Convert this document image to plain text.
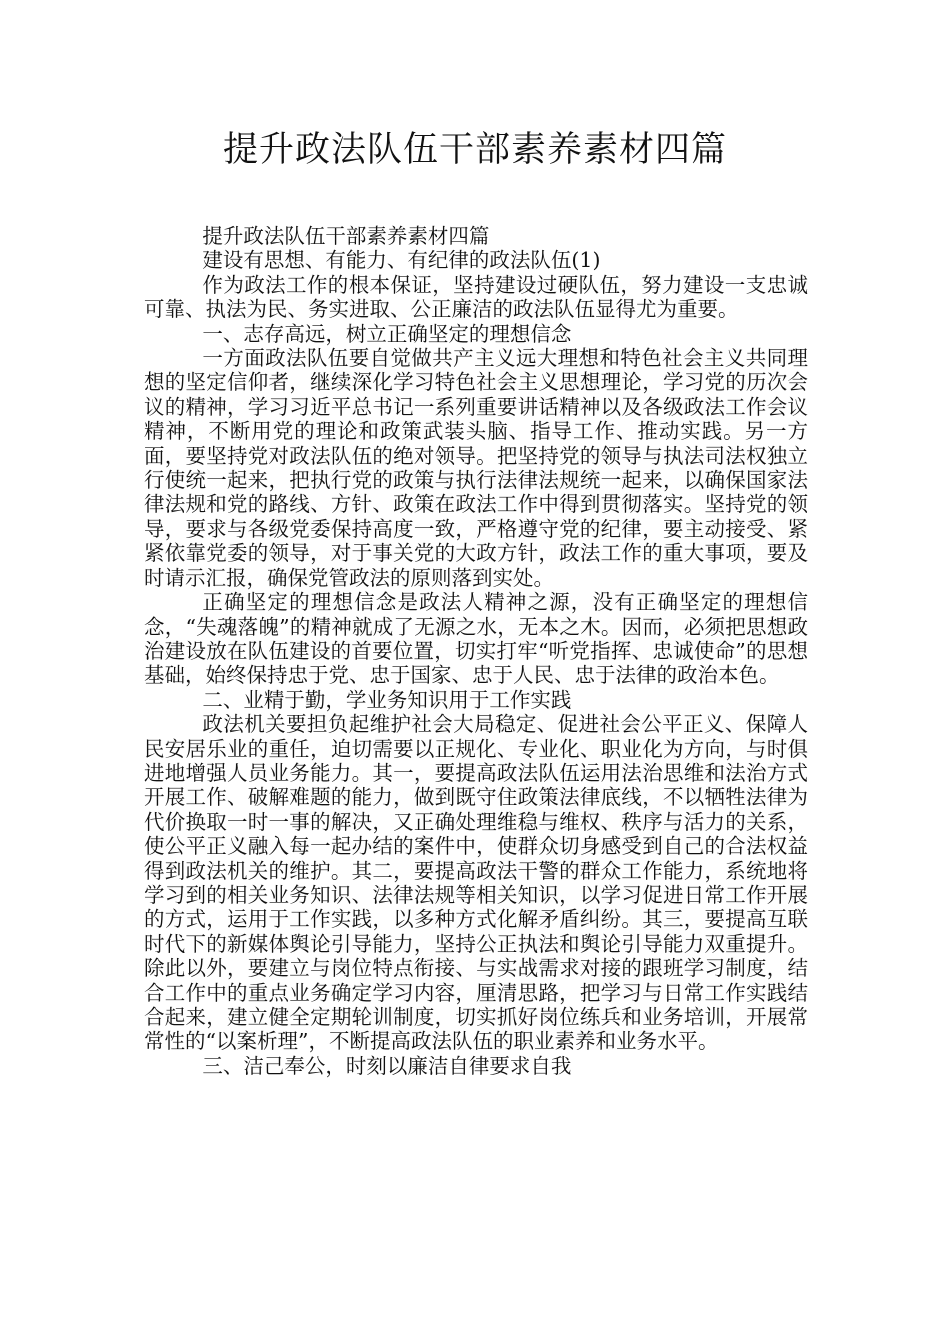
提升政法队伍干部素养素材四篇

提升政法队伍干部素养素材四篇

建设有思想、有能力、有纪律的政法队伍(1)

作为政法工作的根本保证，坚持建设过硬队伍，努力建设一支忠诚可靠、执法为民、务实进取、公正廉洁的政法队伍显得尤为重要。

一、志存高远，树立正确坚定的理想信念

一方面政法队伍要自觉做共产主义远大理想和特色社会主义共同理想的坚定信仰者，继续深化学习特色社会主义思想理论，学习党的历次会议的精神，学习习近平总书记一系列重要讲话精神以及各级政法工作会议精神，不断用党的理论和政策武装头脑、指导工作、推动实践。另一方面，要坚持党对政法队伍的绝对领导。把坚持党的领导与执法司法权独立行使统一起来，把执行党的政策与执行法律法规统一起来，以确保国家法律法规和党的路线、方针、政策在政法工作中得到贯彻落实。坚持党的领导，要求与各级党委保持高度一致，严格遵守党的纪律，要主动接受、紧紧依靠党委的领导，对于事关党的大政方针，政法工作的重大事项，要及时请示汇报，确保党管政法的原则落到实处。

正确坚定的理想信念是政法人精神之源，没有正确坚定的理想信念，“失魂落魄”的精神就成了无源之水，无本之木。因而，必须把思想政治建设放在队伍建设的首要位置，切实打牢“听党指挥、忠诚使命”的思想基础，始终保持忠于党、忠于国家、忠于人民、忠于法律的政治本色。

二、业精于勤，学业务知识用于工作实践

政法机关要担负起维护社会大局稳定、促进社会公平正义、保障人民安居乐业的重任，迫切需要以正规化、专业化、职业化为方向，与时俱进地增强人员业务能力。其一，要提高政法队伍运用法治思维和法治方式开展工作、破解难题的能力，做到既守住政策法律底线，不以牺牲法律为代价换取一时一事的解决，又正确处理维稳与维权、秩序与活力的关系，使公平正义融入每一起办结的案件中，使群众切身感受到自己的合法权益得到政法机关的维护。其二，要提高政法干警的群众工作能力，系统地将学习到的相关业务知识、法律法规等相关知识，以学习促进日常工作开展的方式，运用于工作实践，以多种方式化解矛盾纠纷。其三，要提高互联时代下的新媒体舆论引导能力，坚持公正执法和舆论引导能力双重提升。除此以外，要建立与岗位特点衔接、与实战需求对接的跟班学习制度，结合工作中的重点业务确定学习内容，厘清思路，把学习与日常工作实践结合起来，建立健全定期轮训制度，切实抓好岗位练兵和业务培训，开展常常性的“以案析理”，不断提高政法队伍的职业素养和业务水平。

三、洁己奉公，时刻以廉洁自律要求自我
